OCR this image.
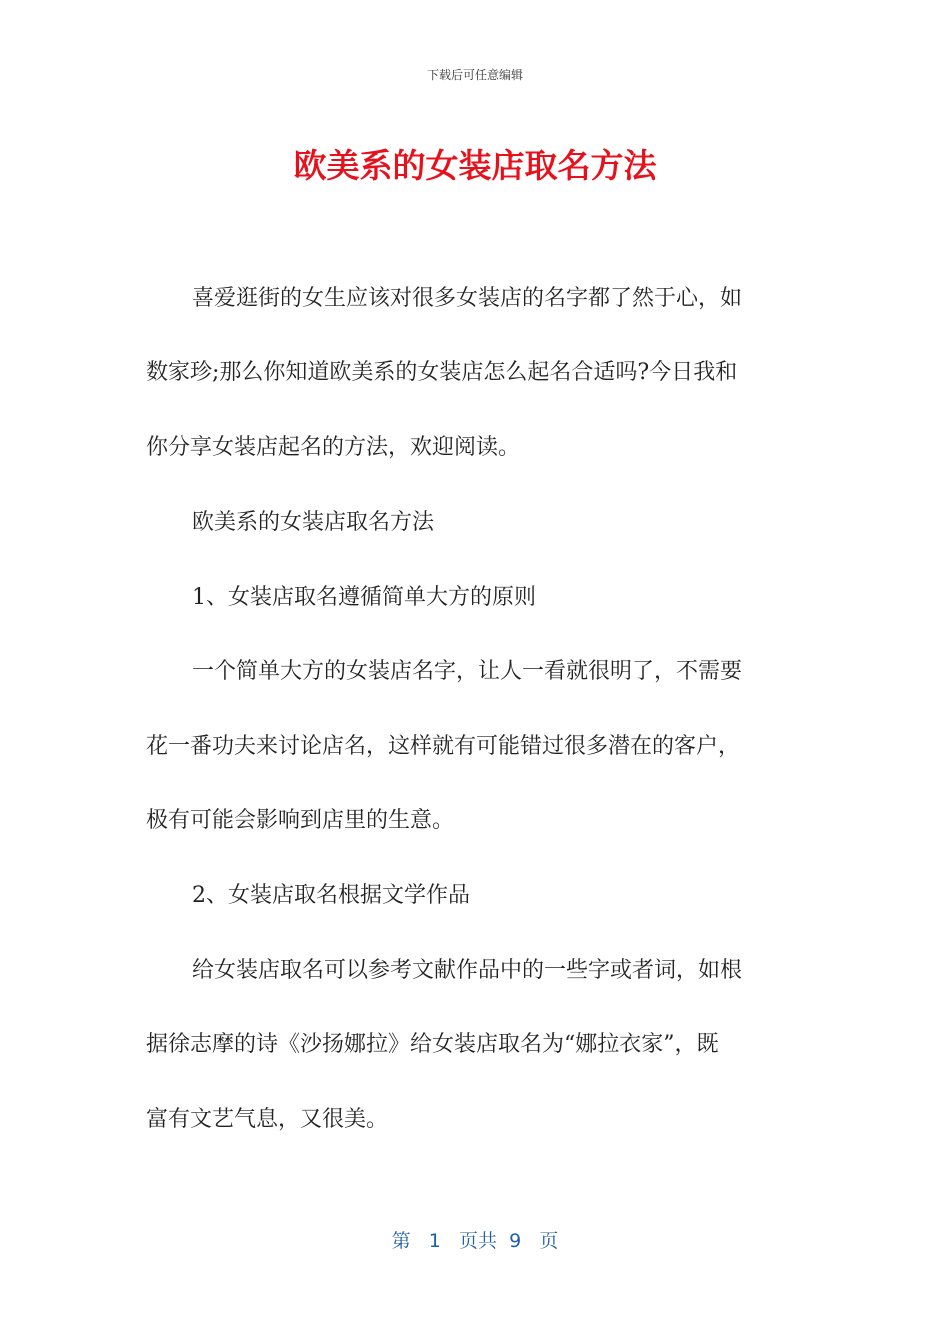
下载后可任意编辑
欧美系的女装店取名方法
喜爱逛街的女生应该对很多女装店的名字都了然于心，如
数家珍;那么你知道欧美系的女装店怎么起名合适吗?今日我和
你分享女装店起名的方法，欢迎阅读。
欧美系的女装店取名方法
1、女装店取名遵循简单大方的原则
一个简单大方的女装店名字，让人一看就很明了，不需要
花一番功夫来讨论店名，这样就有可能错过很多潜在的客户，
极有可能会影响到店里的生意。
2、女装店取名根据文学作品
给女装店取名可以参考文献作品中的一些字或者词，如根
据徐志摩的诗《沙扬娜拉》给女装店取名为“娜拉衣家”，既
富有文艺气息，又很美。
第 1 页共 9 页
